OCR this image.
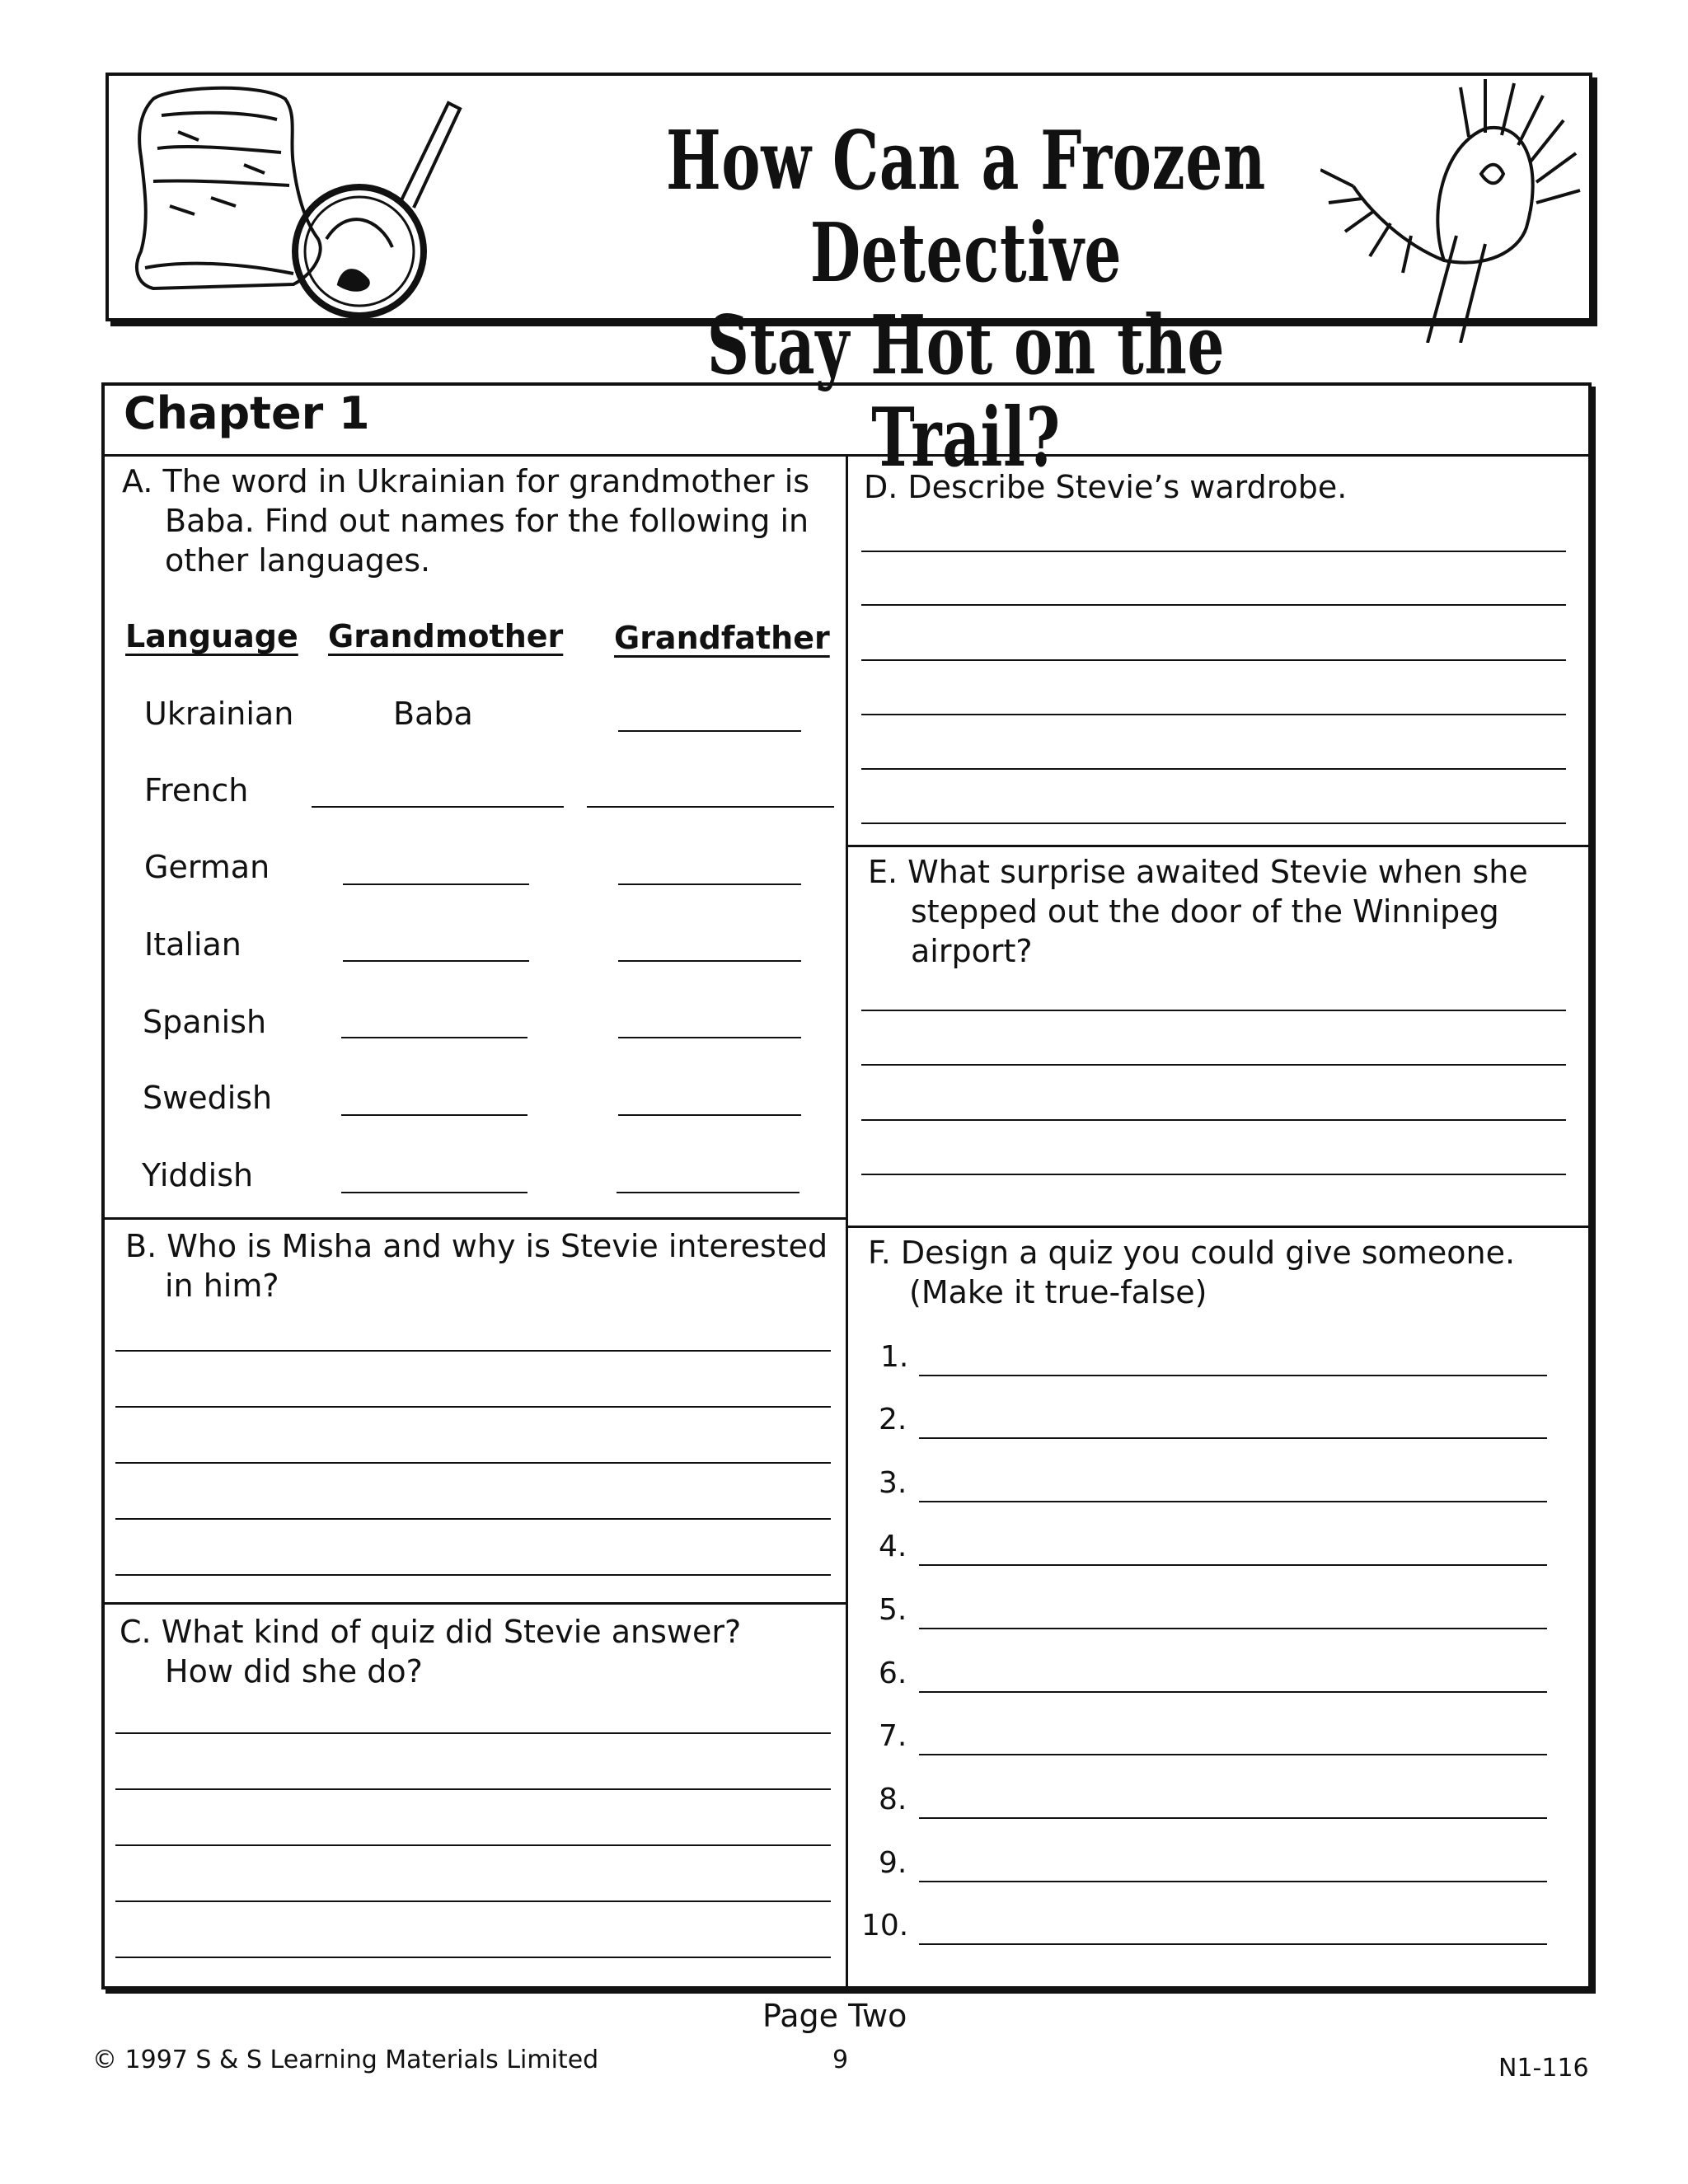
How Can a Frozen Detective
Stay Hot on the Trail?
Chapter 1
A. The word in Ukrainian for grandmother is
Baba. Find out names for the following in
other languages.
Language Grandmother Grandfather
Ukrainian	Baba
French
German
Italian
Spanish
Swedish
Yiddish
B. Who is Misha and why is Stevie interested
in him?
C. What kind of quiz did Stevie answer?
How did she do?
D. Describe Stevie’s wardrobe.
E. What surprise awaited Stevie when she
stepped out the door of the Winnipeg
airport?
F. Design a quiz you could give someone.
(Make it true-false)
1.
2.
3.
4.
5.
6.
7.
8.
9.
10.
Page Two
© 1997 S & S Learning Materials Limited	9	N1-116
